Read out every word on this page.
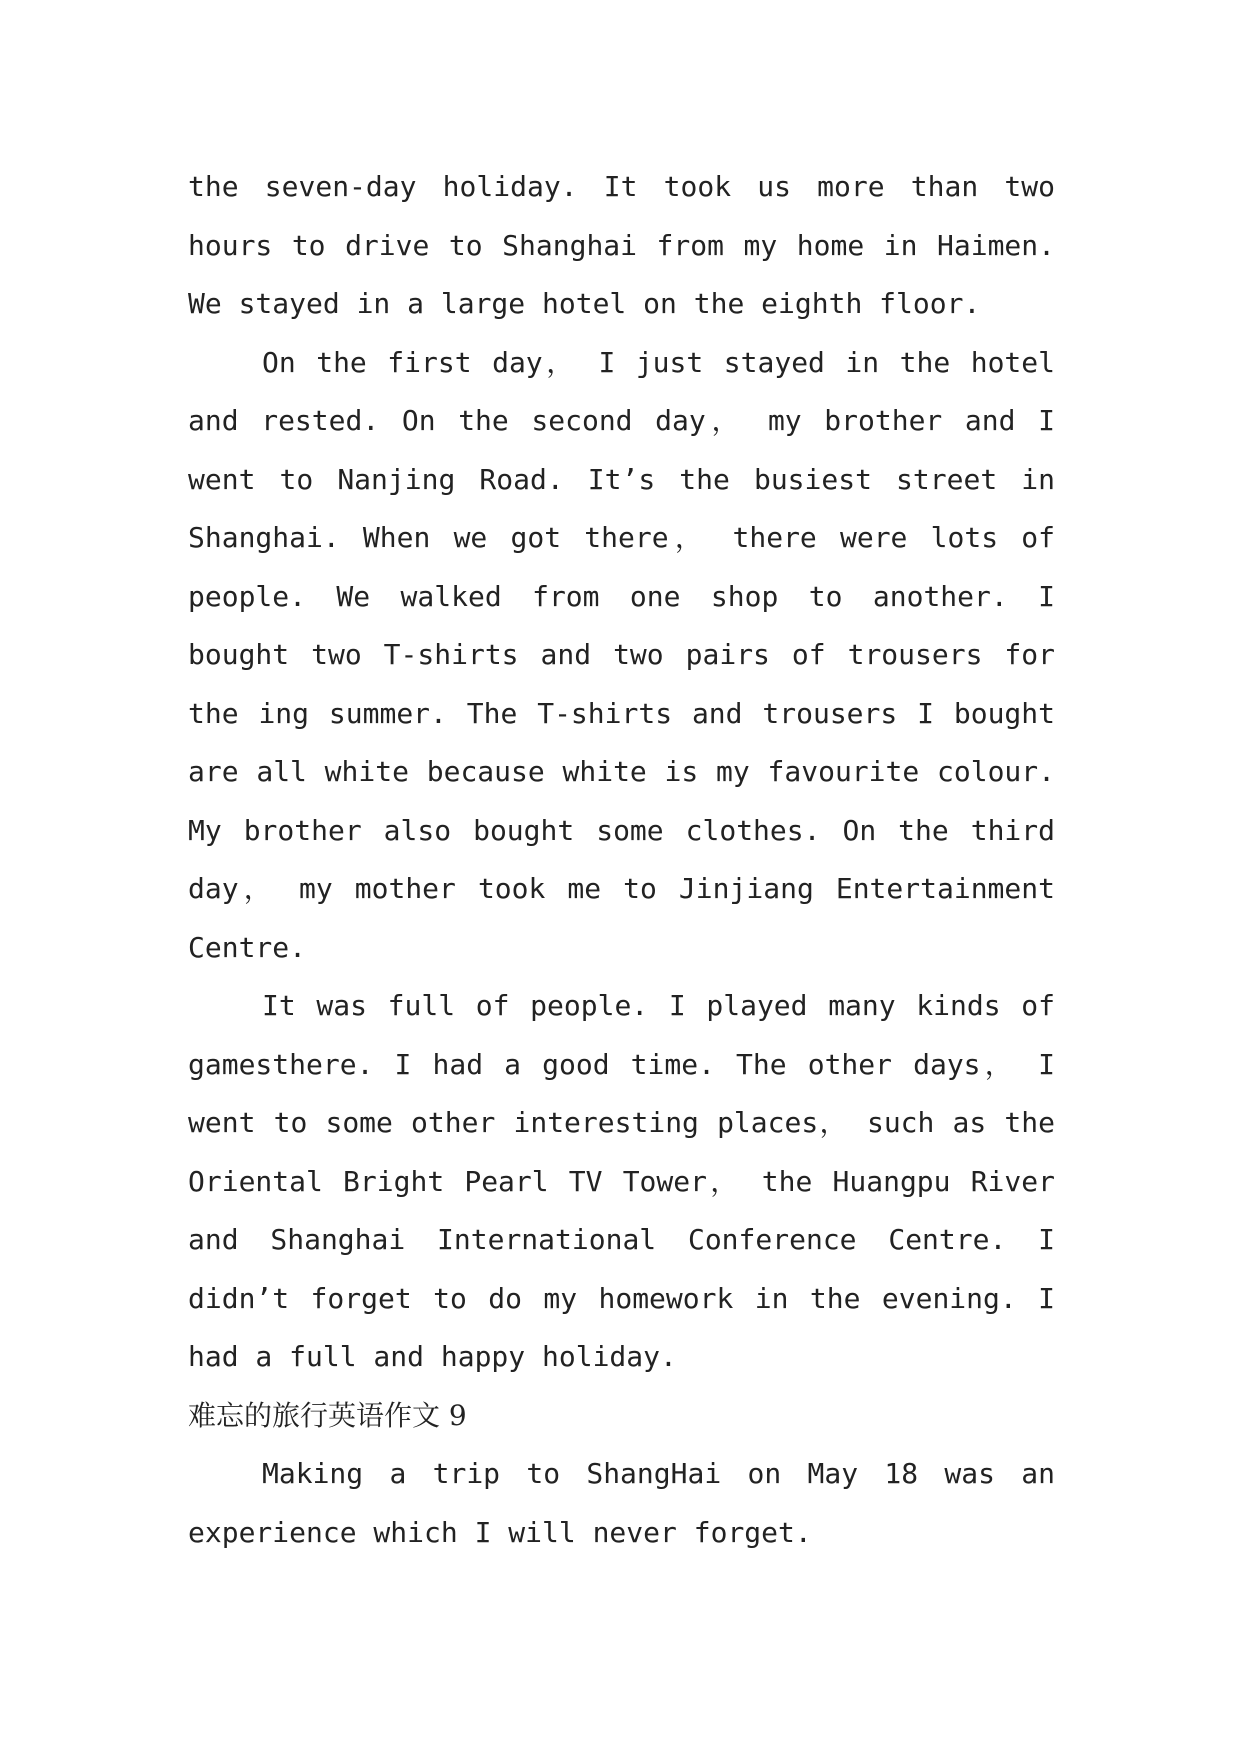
the seven-day holiday. It took us more than two hours to drive to Shanghai from my home in Haimen. We stayed in a large hotel on the eighth floor.

On the first day， I just stayed in the hotel and rested. On the second day， my brother and I went to Nanjing Road. It’s the busiest street in Shanghai. When we got there， there were lots of people. We walked from one shop to another. I bought two T-shirts and two pairs of trousers for the ing summer. The T-shirts and trousers I bought are all white because white is my favourite colour. My brother also bought some clothes. On the third day， my mother took me to Jinjiang Entertainment Centre.

It was full of people. I played many kinds of gamesthere. I had a good time. The other days， I went to some other interesting places， such as the Oriental Bright Pearl TV Tower， the Huangpu River and Shanghai International Conference Centre. I didn’t forget to do my homework in the evening. I had a full and happy holiday.

难忘的旅行英语作文 9

Making a trip to ShangHai on May 18 was an experience which I will never forget.
